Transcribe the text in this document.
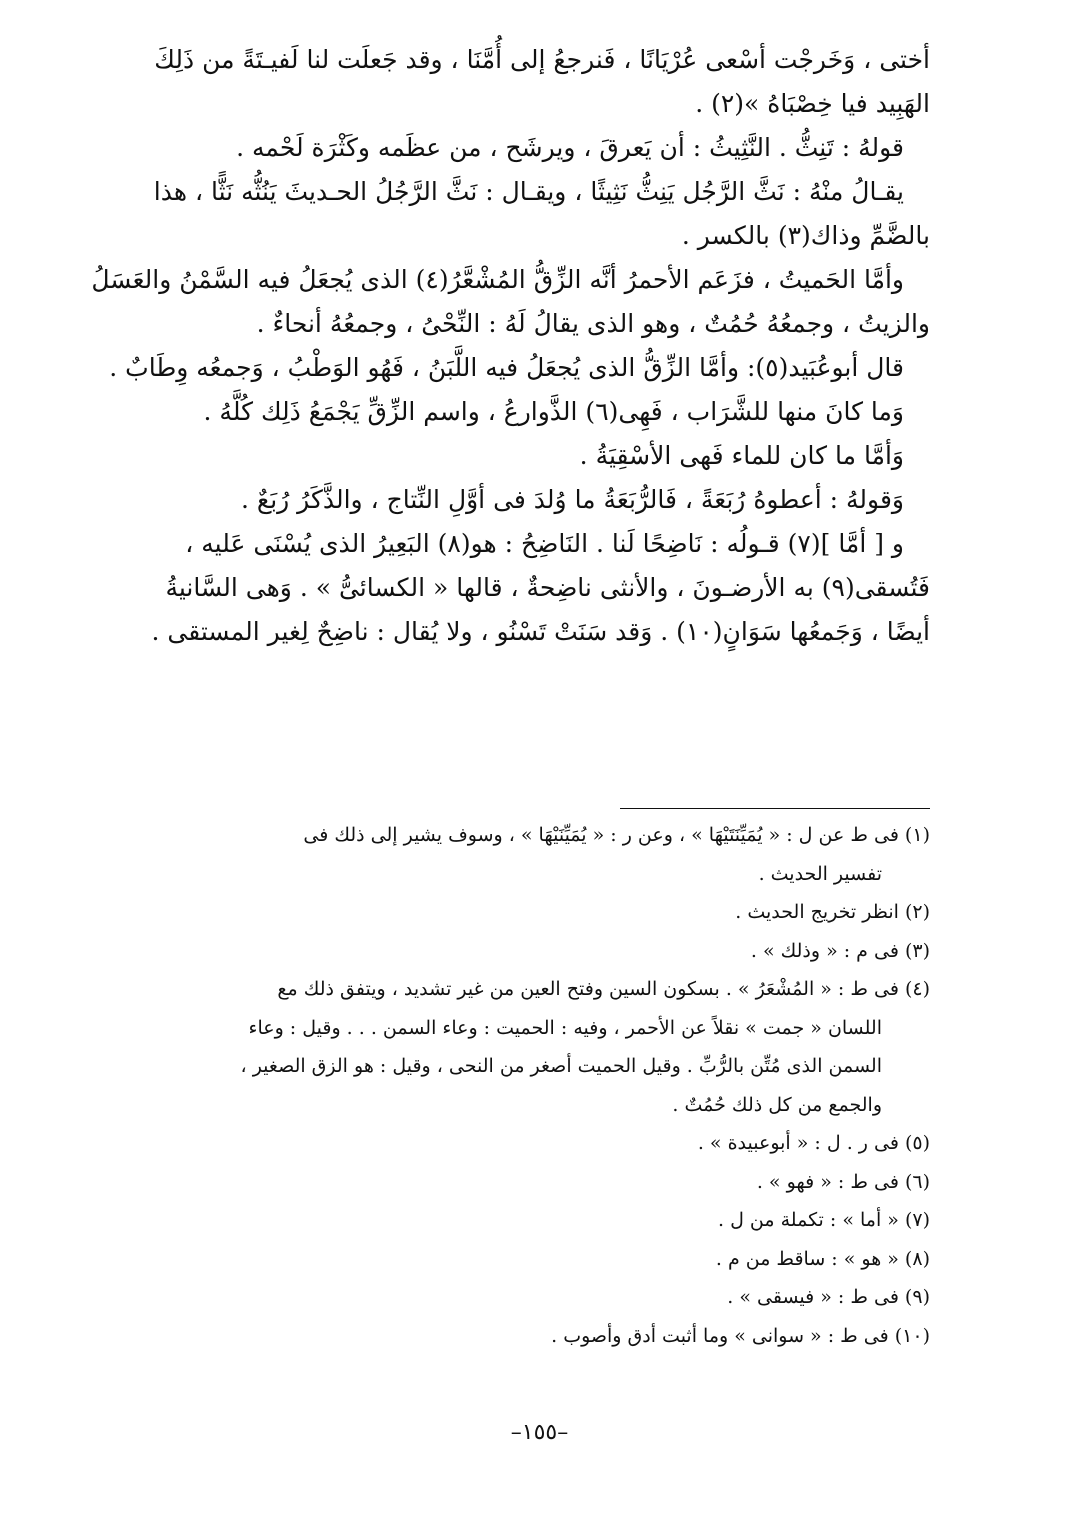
أختى ، وَخَرجْت أسْعى عُرْيَانًا ، فَنرجعُ إلى أُمَّنَا ، وقد جَعلَت لنا لَفيـتَةً من ذَلِكَ
الهَبِيد فيا خِصْبَاهُ »(٢) .
قولهُ : تَنِثُّ . النَّثِيثُ : أن يَعرقَ ، ويرشَح ، من عظَمه وكَثْرَة لَحْمه .
يقـالُ منْهُ : نَثَّ الرَّجُل يَنِثُّ نَثِيثًا ، ويقـال : نَثَّ الرَّجُلُ الحـديثَ يَنُثُّه نَثًّا ، هذا
بالضَّمِّ وذاك(٣) بالكسر .
وأمَّا الحَميتُ ، فزَعَم الأحمرُ أنَّه الزِّقُّ المُشْعَّرُ(٤) الذى يُجعَلُ فيه السَّمْنُ والعَسَلُ
والزيتُ ، وجمعُهُ حُمُتٌ ، وهو الذى يقالُ لَهُ : النِّحْىُ ، وجمعُهُ أنحاءٌ .
قال أبوعُبَيد(٥): وأمَّا الزِّقُّ الذى يُجعَلُ فيه اللَّبَنُ ، فَهُو الوَطْبُ ، وَجمعُه وِطَابٌ .
وَما كانَ منها للشَّرَاب ، فَهِى(٦) الذَّوارعُ ، واسم الزِّقِّ يَجْمَعُ ذَلِك كُلَّهُ .
وَأمَّا ما كان للماء فَهى الأسْقِيَةُ .
وَقولهُ : أعطوهُ رُبَعَةً ، فَالرُّبَعَةُ ما وُلدَ فى أوَّلِ النِّتاج ، والذَّكَرُ رُبَعٌ .
و [ أمَّا ](٧) قـولُه : نَاضِحًا لَنا . النَاضِحُ : هو(٨) البَعِيرُ الذى يُسْنَى عَليه ،
فَتُسقى(٩) به الأرضـونَ ، والأنثى ناضِحةٌ ، قالها « الكسائىُّ » . وَهى السَّانيةُ
أيضًا ، وَجَمعُها سَوَانٍ(١٠) . وَقد سَنَتْ تَسْنُو ، ولا يُقال : ناضِحٌ لِغير المستقى .
(١) فى ط عن ل : « يُمَيِّنَتَيْهَا » ، وعن ر : « يُمَيِّنَيْهَا » ، وسوف يشير إلى ذلك فى
تفسير الحديث .
(٢) انظر تخريج الحديث .
(٣) فى م : « وذلك » .
(٤) فى ط : « المُشْعَرُ » . بسكون السين وفتح العين من غير تشديد ، ويتفق ذلك مع
اللسان « جمت » نقلاً عن الأحمر ، وفيه : الحميت : وعاء السمن . . . وقيل : وعاء
السمن الذى مُتِّن بالرُّبِّ . وقيل الحميت أصغر من النحى ، وقيل : هو الزق الصغير ،
والجمع من كل ذلك حُمُتٌ .
(٥) فى ر . ل : « أبوعبيدة » .
(٦) فى ط : « فهو » .
(٧) « أما » : تكملة من ل .
(٨) « هو » : ساقط من م .
(٩) فى ط : « فيسقى » .
(١٠) فى ط : « سوانى » وما أثبت أدق وأصوب .
–١٥٥–
